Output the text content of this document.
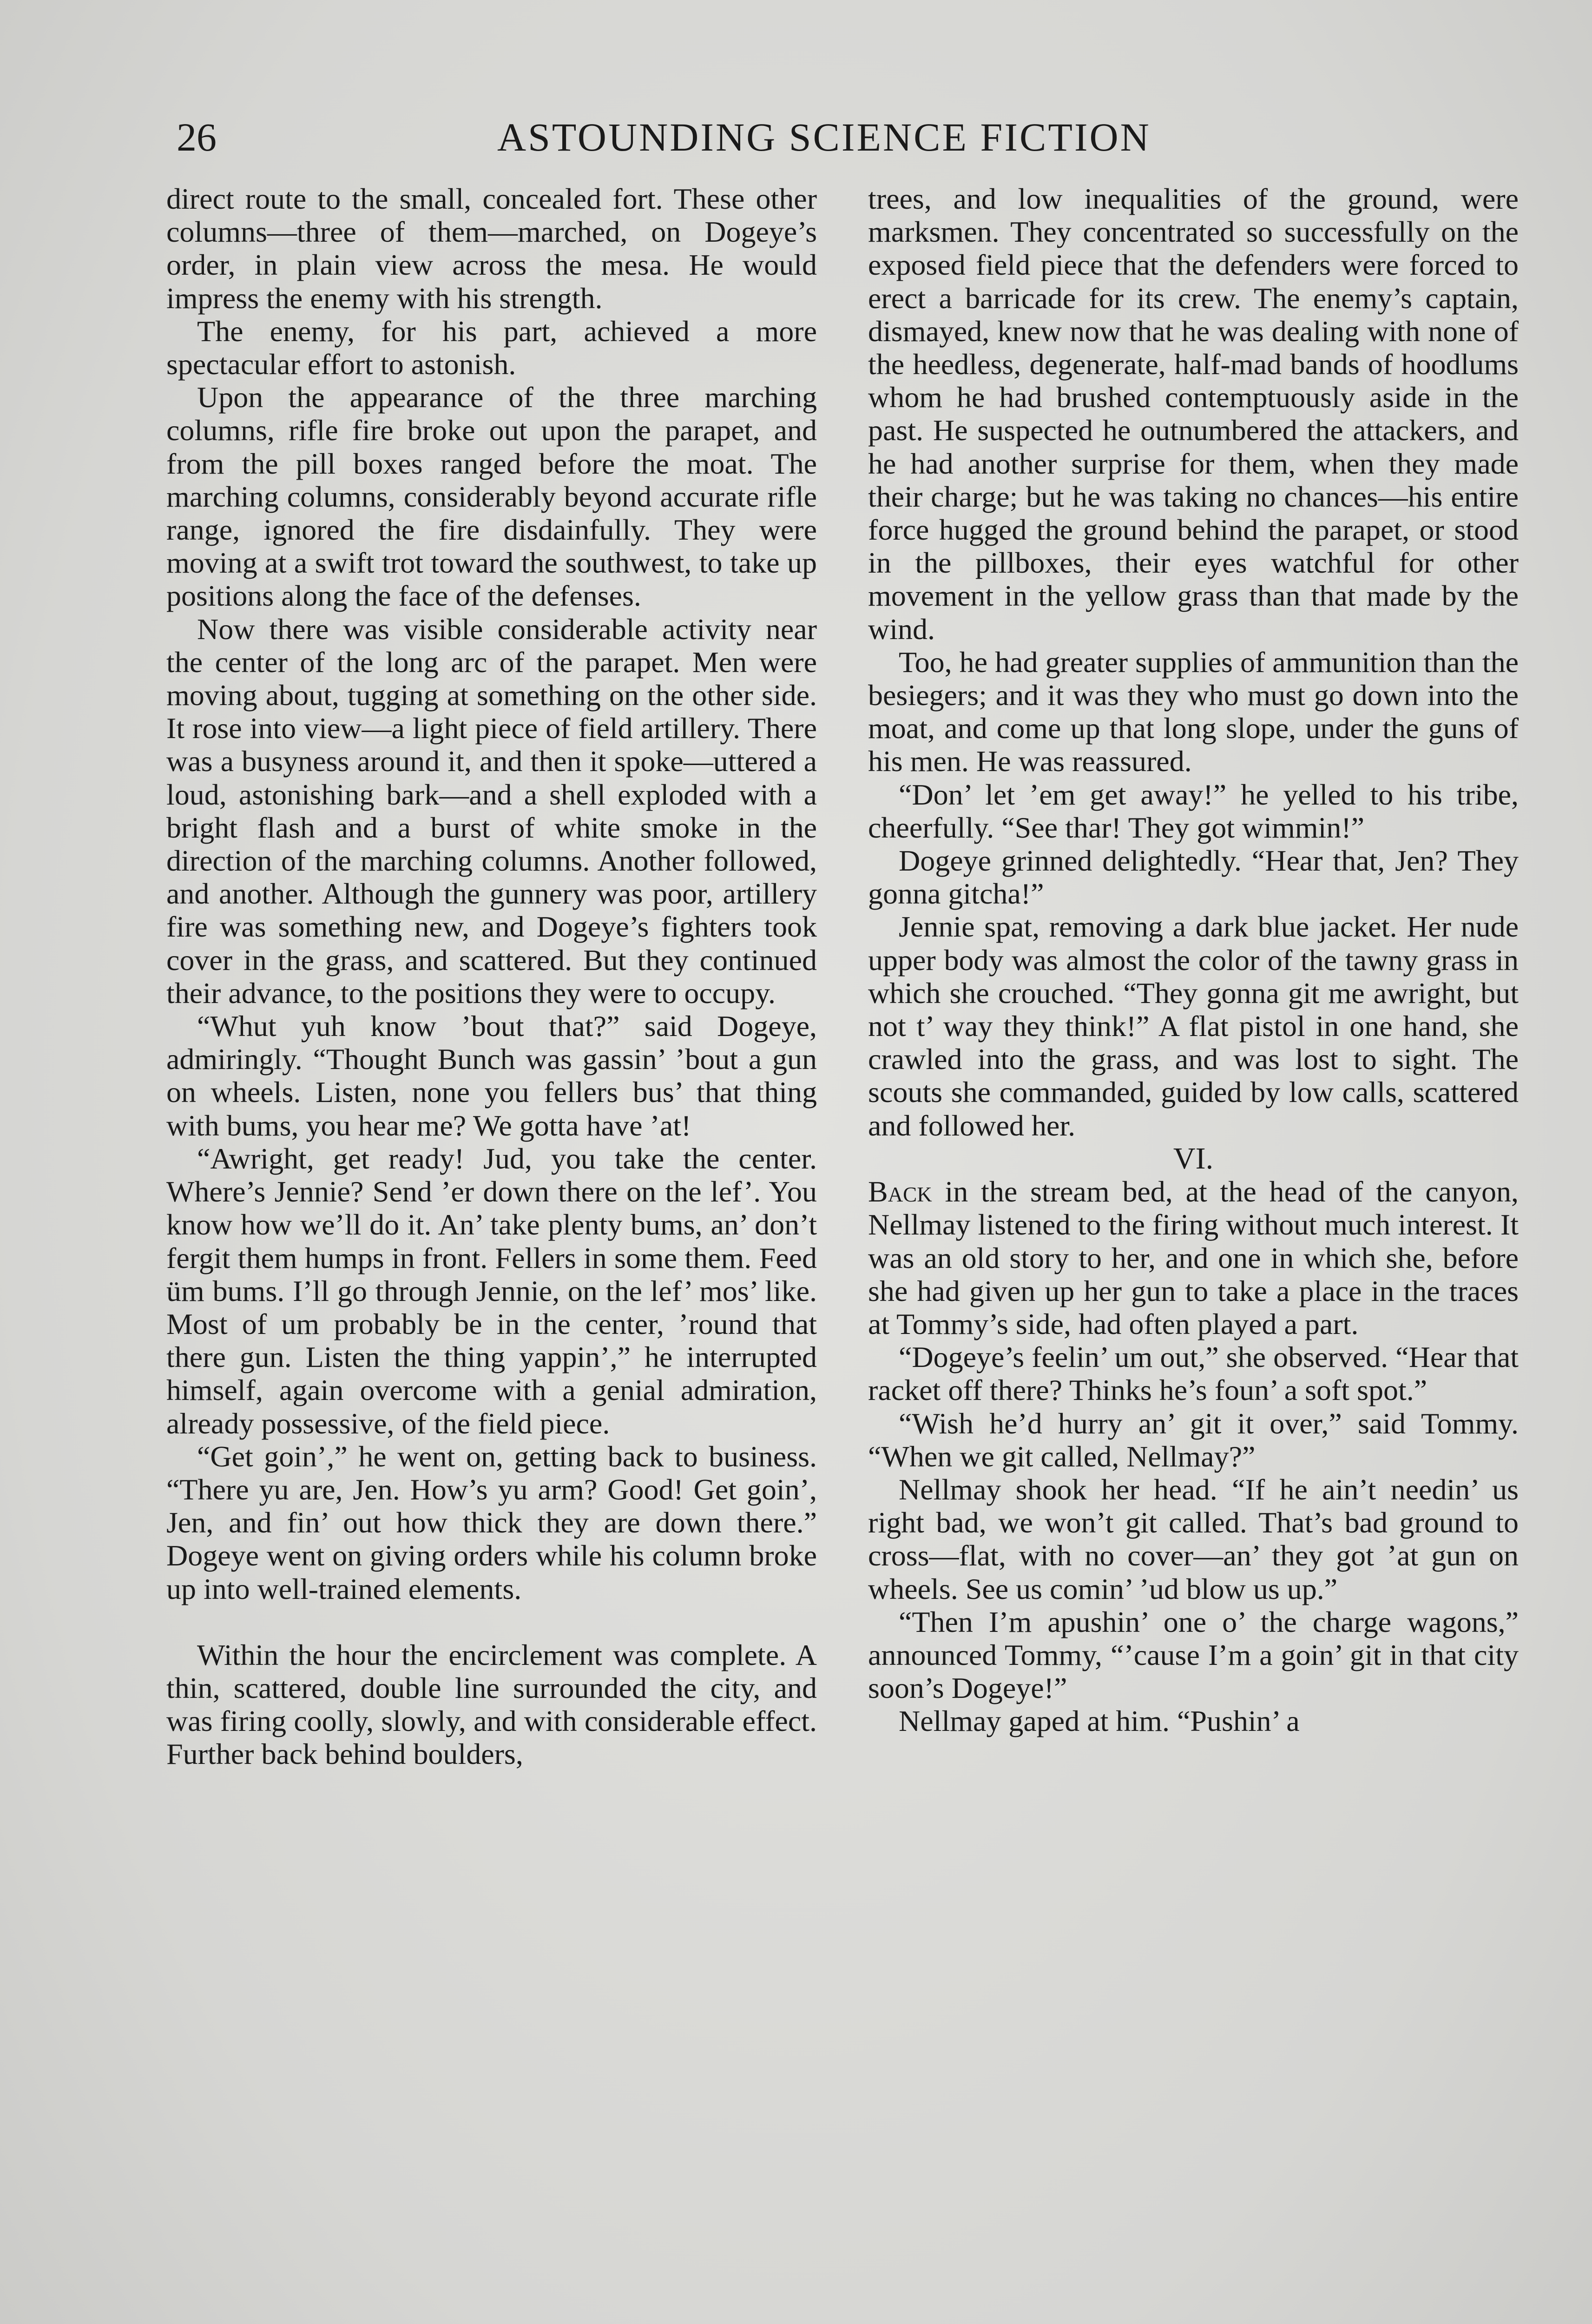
26	ASTOUNDING SCIENCE FICTION

direct route to the small, concealed fort. These other columns—three of them—marched, on Dogeye’s order, in plain view across the mesa. He would impress the enemy with his strength.

The enemy, for his part, achieved a more spectacular effort to astonish.

Upon the appearance of the three marching columns, rifle fire broke out upon the parapet, and from the pill boxes ranged before the moat. The marching columns, considerably beyond accurate rifle range, ignored the fire disdainfully. They were moving at a swift trot toward the southwest, to take up positions along the face of the defenses.

Now there was visible considerable activity near the center of the long arc of the parapet. Men were moving about, tugging at something on the other side. It rose into view—a light piece of field artillery. There was a busyness around it, and then it spoke—uttered a loud, astonishing bark—and a shell exploded with a bright flash and a burst of white smoke in the direction of the marching columns. Another followed, and another. Although the gunnery was poor, artillery fire was something new, and Dogeye’s fighters took cover in the grass, and scattered. But they continued their advance, to the positions they were to occupy.

“Whut yuh know ’bout that?” said Dogeye, admiringly. “Thought Bunch was gassin’ ’bout a gun on wheels. Listen, none you fellers bus’ that thing with bums, you hear me? We gotta have ’at!

“Awright, get ready! Jud, you take the center. Where’s Jennie? Send ’er down there on the lef’. You know how we’ll do it. An’ take plenty bums, an’ don’t fergit them humps in front. Fellers in some them. Feed üm bums. I’ll go through Jennie, on the lef’ mos’ like. Most of um probably be in the center, ’round that there gun. Listen the thing yappin’,” he interrupted himself, again overcome with a genial admiration, already possessive, of the field piece.

“Get goin’,” he went on, getting back to business. “There yu are, Jen. How’s yu arm? Good! Get goin’, Jen, and fin’ out how thick they are down there.” Dogeye went on giving orders while his column broke up into well-trained elements.

Within the hour the encirclement was complete. A thin, scattered, double line surrounded the city, and was firing coolly, slowly, and with considerable effect. Further back behind boulders,

trees, and low inequalities of the ground, were marksmen. They concentrated so successfully on the exposed field piece that the defenders were forced to erect a barricade for its crew. The enemy’s captain, dismayed, knew now that he was dealing with none of the heedless, degenerate, half-mad bands of hoodlums whom he had brushed contemptuously aside in the past. He suspected he outnumbered the attackers, and he had another surprise for them, when they made their charge; but he was taking no chances—his entire force hugged the ground behind the parapet, or stood in the pillboxes, their eyes watchful for other movement in the yellow grass than that made by the wind.

Too, he had greater supplies of ammunition than the besiegers; and it was they who must go down into the moat, and come up that long slope, under the guns of his men. He was reassured.

“Don’ let ’em get away!” he yelled to his tribe, cheerfully. “See thar! They got wimmin!”

Dogeye grinned delightedly. “Hear that, Jen? They gonna gitcha!”

Jennie spat, removing a dark blue jacket. Her nude upper body was almost the color of the tawny grass in which she crouched. “They gonna git me awright, but not t’ way they think!” A flat pistol in one hand, she crawled into the grass, and was lost to sight. The scouts she commanded, guided by low calls, scattered and followed her.

VI.

Back in the stream bed, at the head of the canyon, Nellmay listened to the firing without much interest. It was an old story to her, and one in which she, before she had given up her gun to take a place in the traces at Tommy’s side, had often played a part.

“Dogeye’s feelin’ um out,” she observed. “Hear that racket off there? Thinks he’s foun’ a soft spot.”

“Wish he’d hurry an’ git it over,” said Tommy. “When we git called, Nellmay?”

Nellmay shook her head. “If he ain’t needin’ us right bad, we won’t git called. That’s bad ground to cross—flat, with no cover—an’ they got ’at gun on wheels. See us comin’ ’ud blow us up.”

“Then I’m apushin’ one o’ the charge wagons,” announced Tommy, “’cause I’m a goin’ git in that city soon’s Dogeye!”

Nellmay gaped at him. “Pushin’ a
